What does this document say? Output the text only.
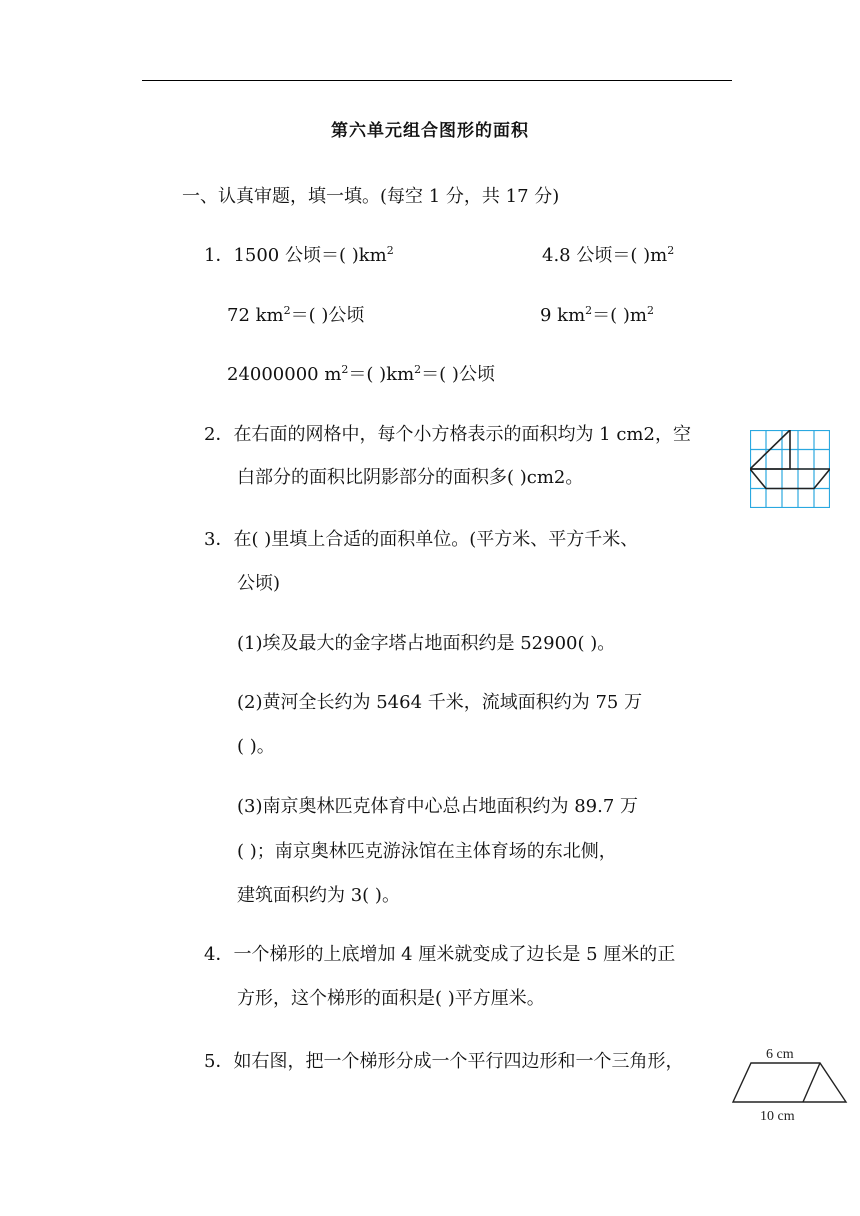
第六单元组合图形的面积
一、认真审题，填一填。(每空 1 分，共 17 分)
1．1500 公顷＝( )$km^2$	4.8 公顷＝( )$m^2$
72 $km^2=$( )公顷	9 $km^2=$( )$m^2$
24000000 $m^2=$( )$km^2=$( )公顷
2．在右面的网格中，每个小方格表示的面积均为 1 cm2，空
白部分的面积比阴影部分的面积多( )cm2。
3．在( )里填上合适的面积单位。(平方米、平方千米、
公顷)
(1)埃及最大的金字塔占地面积约是 52900( )。
(2)黄河全长约为 5464 千米，流域面积约为 75 万
( )。
(3)南京奥林匹克体育中心总占地面积约为 89.7 万
( )；南京奥林匹克游泳馆在主体育场的东北侧，
建筑面积约为 3( )。
4．一个梯形的上底增加 4 厘米就变成了边长是 5 厘米的正
方形，这个梯形的面积是( )平方厘米。
5．如右图，把一个梯形分成一个平行四边形和一个三角形，	6 cm
10 cm
